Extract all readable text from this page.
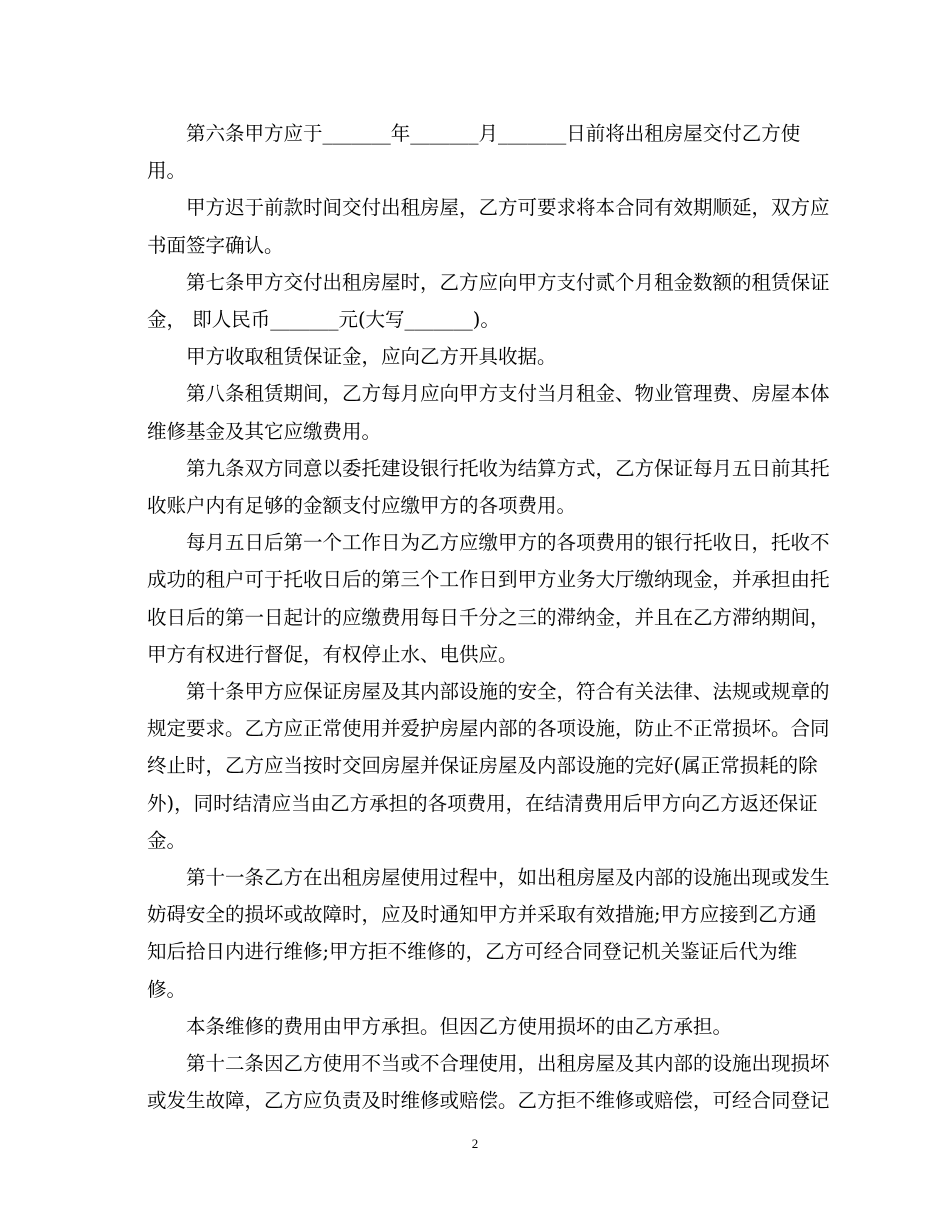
第六条甲方应于_______年_______月_______日前将出租房屋交付乙方使
用。
甲方迟于前款时间交付出租房屋，乙方可要求将本合同有效期顺延，双方应
书面签字确认。
第七条甲方交付出租房屋时，乙方应向甲方支付贰个月租金数额的租赁保证
金， 即人民币_______元(大写_______)。
甲方收取租赁保证金，应向乙方开具收据。
第八条租赁期间，乙方每月应向甲方支付当月租金、物业管理费、房屋本体
维修基金及其它应缴费用。
第九条双方同意以委托建设银行托收为结算方式，乙方保证每月五日前其托
收账户内有足够的金额支付应缴甲方的各项费用。
每月五日后第一个工作日为乙方应缴甲方的各项费用的银行托收日，托收不
成功的租户可于托收日后的第三个工作日到甲方业务大厅缴纳现金，并承担由托
收日后的第一日起计的应缴费用每日千分之三的滞纳金，并且在乙方滞纳期间，
甲方有权进行督促，有权停止水、电供应。
第十条甲方应保证房屋及其内部设施的安全，符合有关法律、法规或规章的
规定要求。乙方应正常使用并爱护房屋内部的各项设施，防止不正常损坏。合同
终止时，乙方应当按时交回房屋并保证房屋及内部设施的完好(属正常损耗的除
外)，同时结清应当由乙方承担的各项费用，在结清费用后甲方向乙方返还保证
金。
第十一条乙方在出租房屋使用过程中，如出租房屋及内部的设施出现或发生
妨碍安全的损坏或故障时，应及时通知甲方并采取有效措施;甲方应接到乙方通
知后拾日内进行维修;甲方拒不维修的，乙方可经合同登记机关鉴证后代为维
修。
本条维修的费用由甲方承担。但因乙方使用损坏的由乙方承担。
第十二条因乙方使用不当或不合理使用，出租房屋及其内部的设施出现损坏
或发生故障，乙方应负责及时维修或赔偿。乙方拒不维修或赔偿，可经合同登记
2
